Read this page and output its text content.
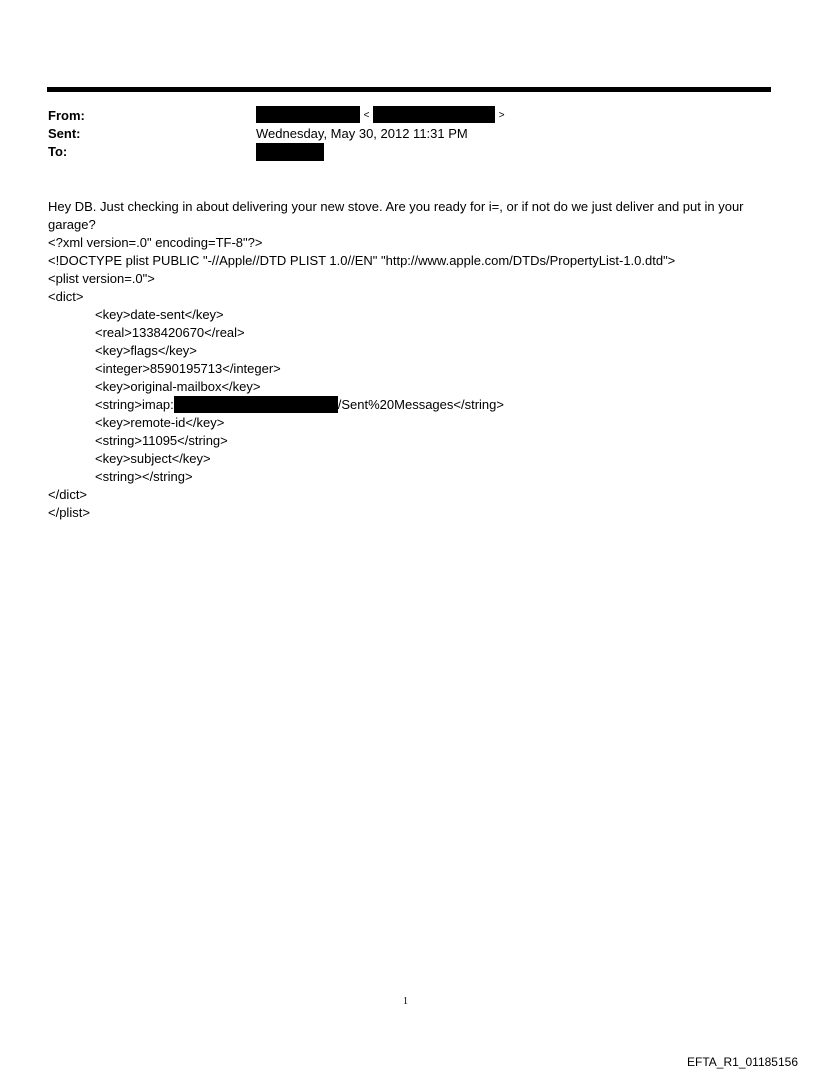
From:
Sent:
To:
<	>
Wednesday, May 30, 2012 11:31 PM
Hey DB. Just checking in about delivering your new stove. Are you ready for i=, or if not do we just deliver and put in your garage?
<?xml version=.0" encoding=TF-8"?>
<!DOCTYPE plist PUBLIC "-//Apple//DTD PLIST 1.0//EN" "http://www.apple.com/DTDs/PropertyList-1.0.dtd">
<plist version=.0">
<dict>
<key>date-sent</key>
<real>1338420670</real>
<key>flags</key>
<integer>8590195713</integer>
<key>original-mailbox</key>
<string>imap:	/Sent%20Messages</string>
<key>remote-id</key>
<string>11095</string>
<key>subject</key>
<string></string>
</dict>
</plist>
1
EFTA_R1_01185156
